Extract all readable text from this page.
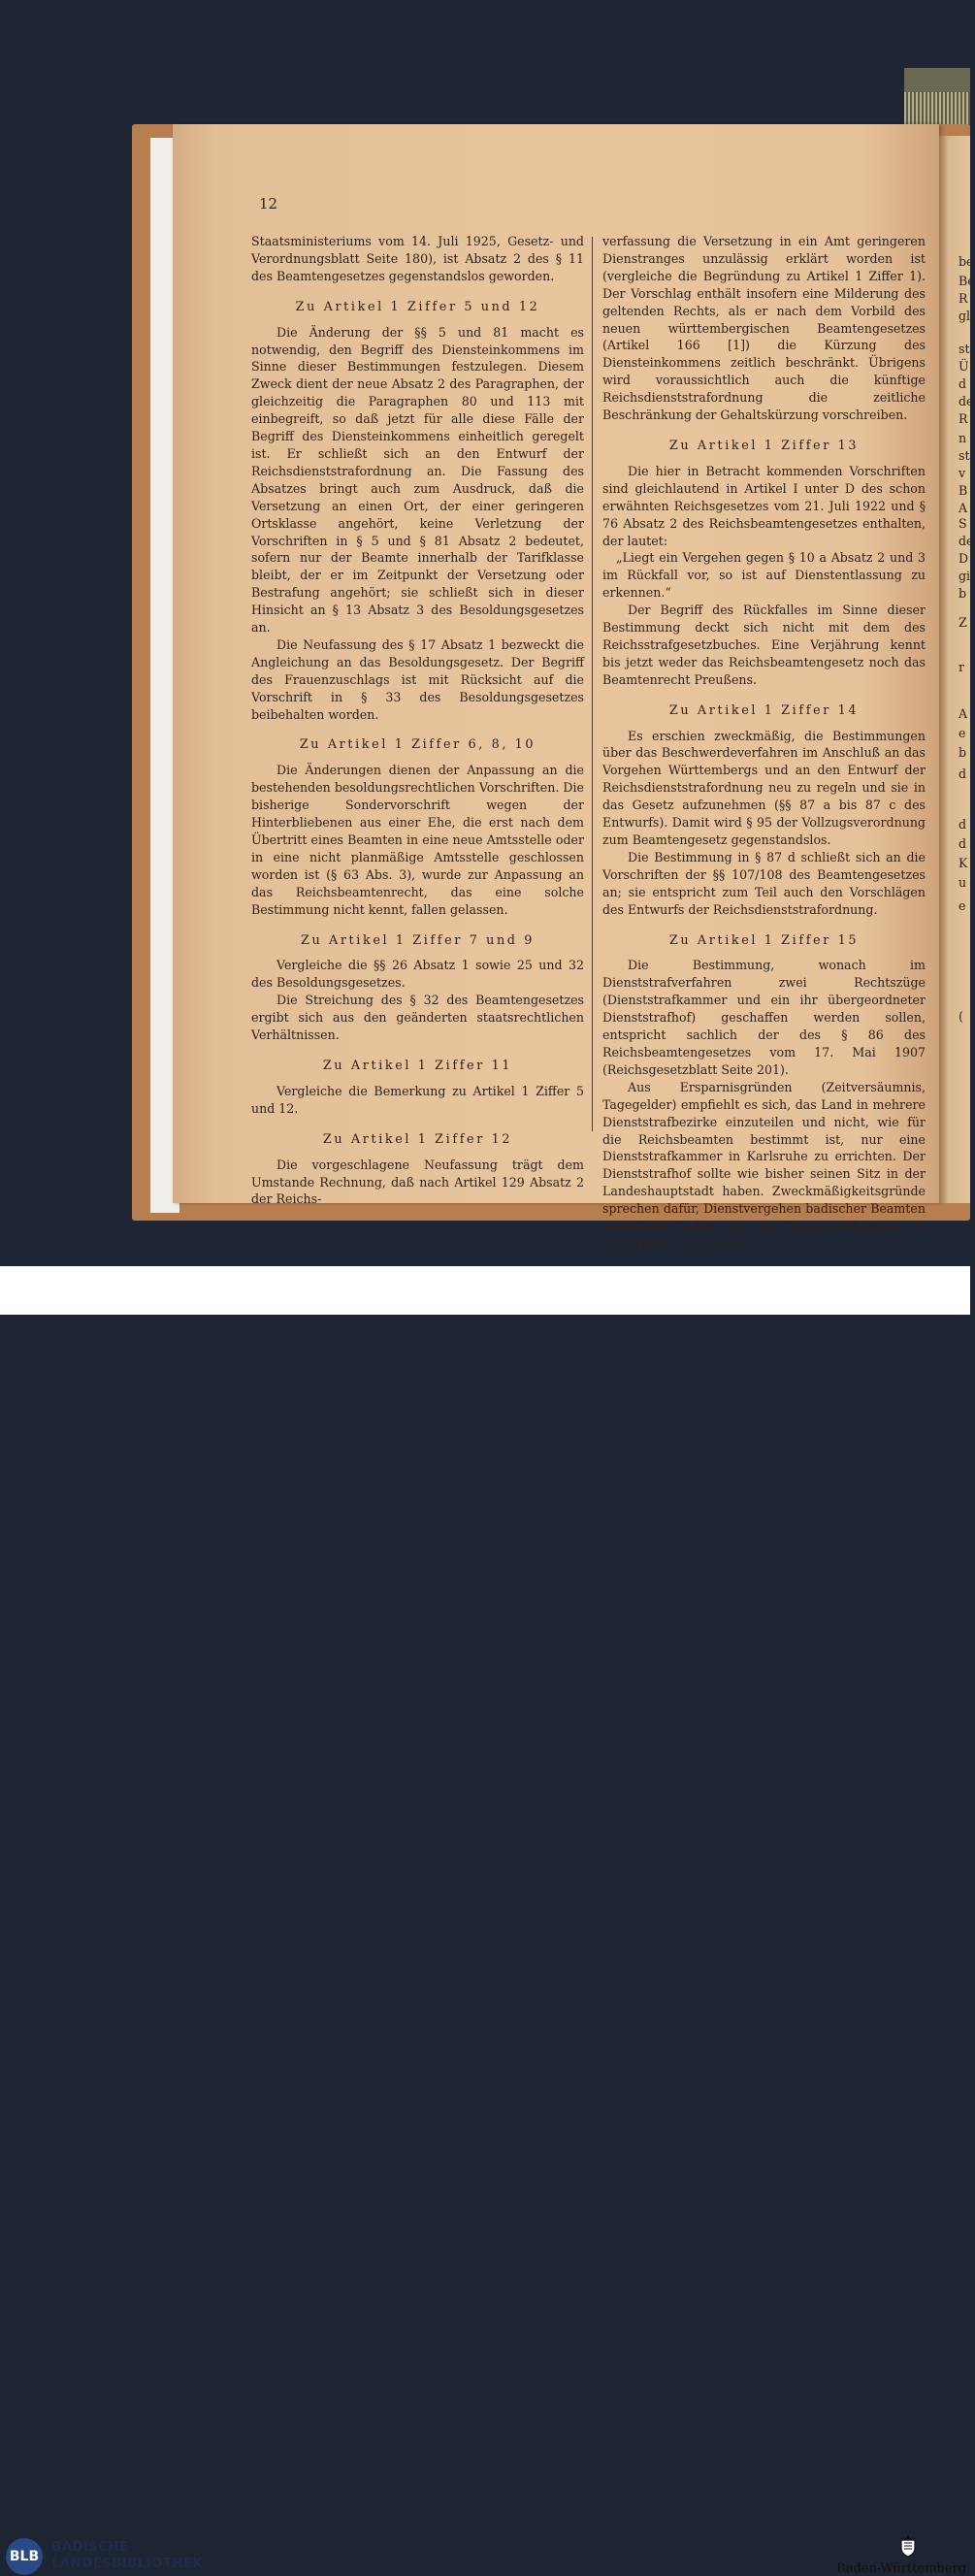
12

Staatsministeriums vom 14. Juli 1925, Gesetz- und Verordnungsblatt Seite 180), ist Absatz 2 des § 11 des Beamtengesetzes gegenstandslos geworden.

Zu Artikel 1 Ziffer 5 und 12

Die Änderung der §§ 5 und 81 macht es notwendig, den Begriff des Diensteinkommens im Sinne dieser Bestimmungen festzulegen. Diesem Zweck dient der neue Absatz 2 des Paragraphen, der gleichzeitig die Paragraphen 80 und 113 mit einbegreift, so daß jetzt für alle diese Fälle der Begriff des Diensteinkommens einheitlich geregelt ist. Er schließt sich an den Entwurf der Reichsdienststrafordnung an. Die Fassung des Absatzes bringt auch zum Ausdruck, daß die Versetzung an einen Ort, der einer geringeren Ortsklasse angehört, keine Verletzung der Vorschriften in § 5 und § 81 Absatz 2 bedeutet, sofern nur der Beamte innerhalb der Tarifklasse bleibt, der er im Zeitpunkt der Versetzung oder Bestrafung angehört; sie schließt sich in dieser Hinsicht an § 13 Absatz 3 des Besoldungsgesetzes an.

Die Neufassung des § 17 Absatz 1 bezweckt die Angleichung an das Besoldungsgesetz. Der Begriff des Frauenzuschlags ist mit Rücksicht auf die Vorschrift in § 33 des Besoldungsgesetzes beibehalten worden.

Zu Artikel 1 Ziffer 6, 8, 10

Die Änderungen dienen der Anpassung an die bestehenden besoldungsrechtlichen Vorschriften. Die bisherige Sondervorschrift wegen der Hinterbliebenen aus einer Ehe, die erst nach dem Übertritt eines Beamten in eine neue Amtsstelle oder in eine nicht planmäßige Amtsstelle geschlossen worden ist (§ 63 Abs. 3), wurde zur Anpassung an das Reichsbeamtenrecht, das eine solche Bestimmung nicht kennt, fallen gelassen.

Zu Artikel 1 Ziffer 7 und 9

Vergleiche die §§ 26 Absatz 1 sowie 25 und 32 des Besoldungsgesetzes.

Die Streichung des § 32 des Beamtengesetzes ergibt sich aus den geänderten staatsrechtlichen Verhältnissen.

Zu Artikel 1 Ziffer 11

Vergleiche die Bemerkung zu Artikel 1 Ziffer 5 und 12.

Zu Artikel 1 Ziffer 12

Die vorgeschlagene Neufassung trägt dem Umstande Rechnung, daß nach Artikel 129 Absatz 2 der Reichs-

verfassung die Versetzung in ein Amt geringeren Dienstranges unzulässig erklärt worden ist (vergleiche die Begründung zu Artikel 1 Ziffer 1). Der Vorschlag enthält insofern eine Milderung des geltenden Rechts, als er nach dem Vorbild des neuen württembergischen Beamtengesetzes (Artikel 166 [1]) die Kürzung des Diensteinkommens zeitlich beschränkt. Übrigens wird voraussichtlich auch die künftige Reichsdienststrafordnung die zeitliche Beschränkung der Gehaltskürzung vorschreiben.

Zu Artikel 1 Ziffer 13

Die hier in Betracht kommenden Vorschriften sind gleichlautend in Artikel I unter D des schon erwähnten Reichsgesetzes vom 21. Juli 1922 und § 76 Absatz 2 des Reichsbeamtengesetzes enthalten, der lautet:

„Liegt ein Vergehen gegen § 10 a Absatz 2 und 3 im Rückfall vor, so ist auf Dienstentlassung zu erkennen.“

Der Begriff des Rückfalles im Sinne dieser Bestimmung deckt sich nicht mit dem des Reichsstrafgesetzbuches. Eine Verjährung kennt bis jetzt weder das Reichsbeamtengesetz noch das Beamtenrecht Preußens.

Zu Artikel 1 Ziffer 14

Es erschien zweckmäßig, die Bestimmungen über das Beschwerdeverfahren im Anschluß an das Vorgehen Württembergs und an den Entwurf der Reichsdienststrafordnung neu zu regeln und sie in das Gesetz aufzunehmen (§§ 87 a bis 87 c des Entwurfs). Damit wird § 95 der Vollzugsverordnung zum Beamtengesetz gegenstandslos.

Die Bestimmung in § 87 d schließt sich an die Vorschriften der §§ 107/108 des Beamtengesetzes an; sie entspricht zum Teil auch den Vorschlägen des Entwurfs der Reichsdienststrafordnung.

Zu Artikel 1 Ziffer 15

Die Bestimmung, wonach im Dienststrafverfahren zwei Rechtszüge (Dienststrafkammer und ein ihr übergeordneter Dienststrafhof) geschaffen werden sollen, entspricht sachlich der des § 86 des Reichsbeamtengesetzes vom 17. Mai 1907 (Reichsgesetzblatt Seite 201).

Aus Ersparnisgründen (Zeitversäumnis, Tagegelder) empfiehlt es sich, das Land in mehrere Dienststrafbezirke einzuteilen und nicht, wie für die Reichsbeamten bestimmt ist, nur eine Dienststrafkammer in Karlsruhe zu errichten. Der Dienststrafhof sollte wie bisher seinen Sitz in der Landeshauptstadt haben. Zweckmäßigkeitsgründe sprechen dafür, Dienstvergehen badischer Beamten außerhalb Badens an die Dienststrafkammer in Karlsruhe zu verweisen.

be
Be
R
gl
st
Ü
d
de
R
n
st
v
B
A
S
de
D
gi
b
Z
r
A
e
b
d
d
d
K
u
e
(
BLB
BADISCHE
LANDESBIBLIOTHEK	Baden-Württemberg
